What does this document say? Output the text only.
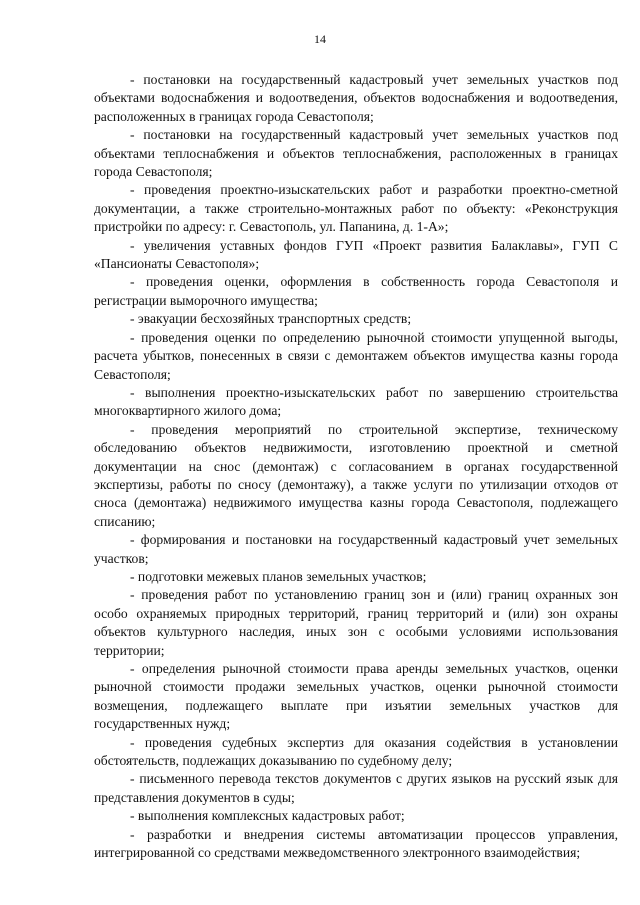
14

- постановки на государственный кадастровый учет земельных участков под объектами водоснабжения и водоотведения, объектов водоснабжения и водоотведения, расположенных в границах города Севастополя;

- постановки на государственный кадастровый учет земельных участков под объектами теплоснабжения и объектов теплоснабжения, расположенных в границах города Севастополя;

- проведения проектно-изыскательских работ и разработки проектно-сметной документации, а также строительно-монтажных работ по объекту: «Реконструкция пристройки по адресу: г. Севастополь, ул. Папанина, д. 1-А»;

- увеличения уставных фондов ГУП «Проект развития Балаклавы», ГУП С «Пансионаты Севастополя»;

- проведения оценки, оформления в собственность города Севастополя и регистрации выморочного имущества;

- эвакуации бесхозяйных транспортных средств;

- проведения оценки по определению рыночной стоимости упущенной выгоды, расчета убытков, понесенных в связи с демонтажем объектов имущества казны города Севастополя;

- выполнения проектно-изыскательских работ по завершению строительства многоквартирного жилого дома;

- проведения мероприятий по строительной экспертизе, техническому обследованию объектов недвижимости, изготовлению проектной и сметной документации на снос (демонтаж) с согласованием в органах государственной экспертизы, работы по сносу (демонтажу), а также услуги по утилизации отходов от сноса (демонтажа) недвижимого имущества казны города Севастополя, подлежащего списанию;

- формирования и постановки на государственный кадастровый учет земельных участков;

- подготовки межевых планов земельных участков;

- проведения работ по установлению границ зон и (или) границ охранных зон особо охраняемых природных территорий, границ территорий и (или) зон охраны объектов культурного наследия, иных зон с особыми условиями использования территории;

- определения рыночной стоимости права аренды земельных участков, оценки рыночной стоимости продажи земельных участков, оценки рыночной стоимости возмещения, подлежащего выплате при изъятии земельных участков для государственных нужд;

- проведения судебных экспертиз для оказания содействия в установлении обстоятельств, подлежащих доказыванию по судебному делу;

- письменного перевода текстов документов с других языков на русский язык для представления документов в суды;

- выполнения комплексных кадастровых работ;

- разработки и внедрения системы автоматизации процессов управления, интегрированной со средствами межведомственного электронного взаимодействия;
